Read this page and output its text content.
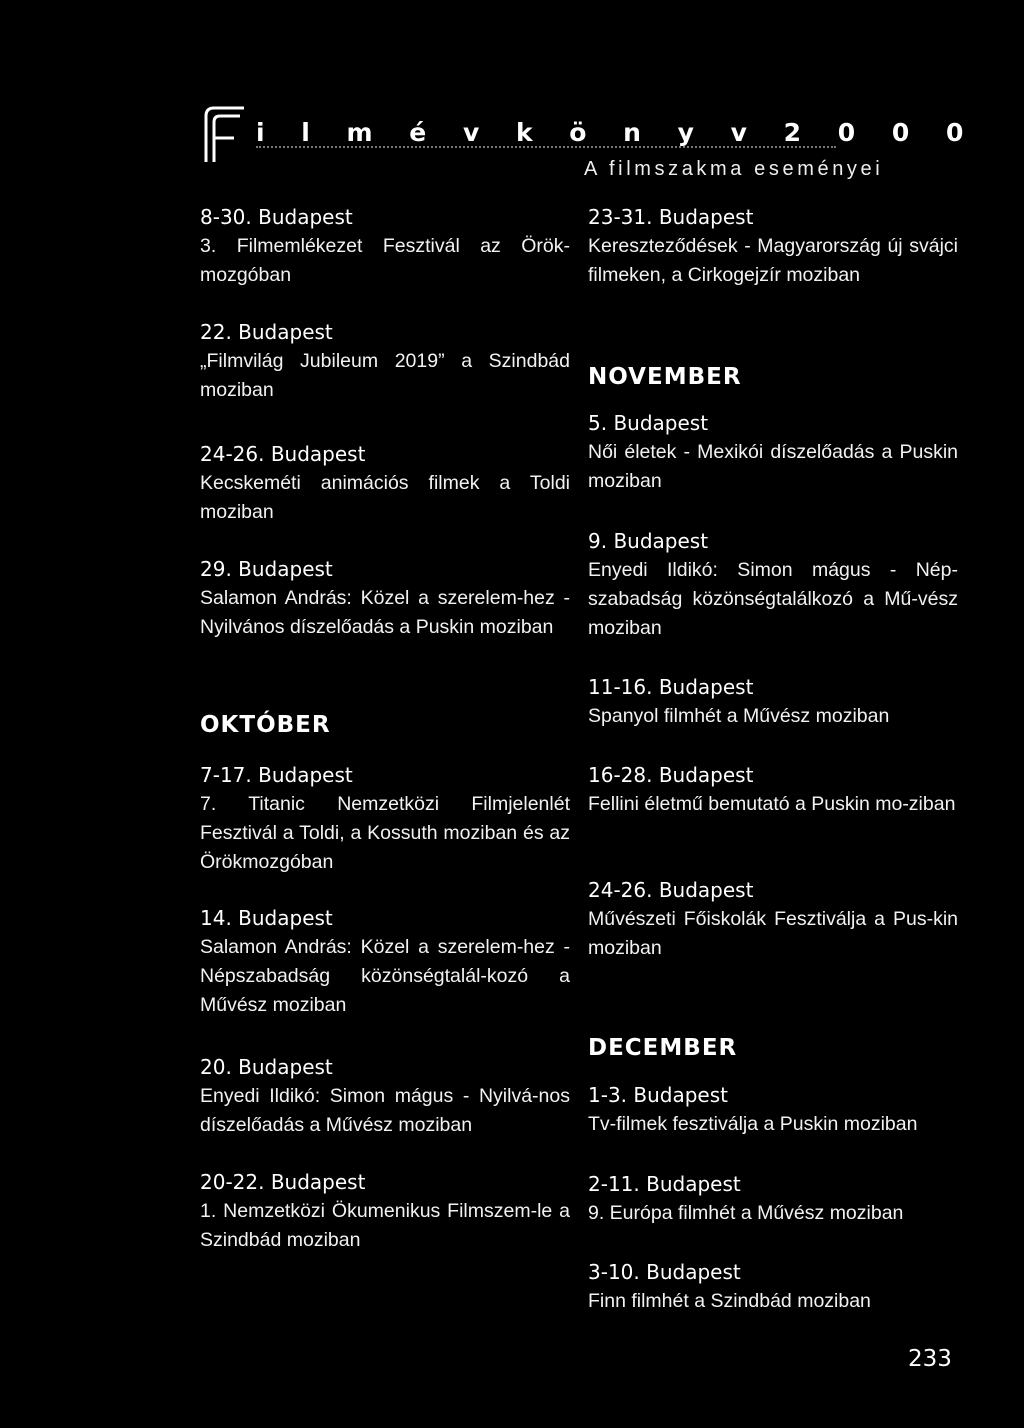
i l m é v k ö n y v 2 0 0 0
A filmszakma eseményei
8-30. Budapest
3. Filmemlékezet Fesztivál az Örök-mozgóban
22. Budapest
„Filmvilág Jubileum 2019” a Szindbád moziban
24-26. Budapest
Kecskeméti animációs filmek a Toldi moziban
29. Budapest
Salamon András: Közel a szerelem-hez - Nyilvános díszelőadás a Puskin moziban
OKTÓBER
7-17. Budapest
7. Titanic Nemzetközi Filmjelenlét Fesztivál a Toldi, a Kossuth moziban és az Örökmozgóban
14. Budapest
Salamon András: Közel a szerelem-hez - Népszabadság közönségtalál-kozó a Művész moziban
20. Budapest
Enyedi Ildikó: Simon mágus - Nyilvá-nos díszelőadás a Művész moziban
20-22. Budapest
1. Nemzetközi Ökumenikus Filmszem-le a Szindbád moziban
23-31. Budapest
Kereszteződések - Magyarország új svájci filmeken, a Cirkogejzír moziban
NOVEMBER
5. Budapest
Női életek - Mexikói díszelőadás a Puskin moziban
9. Budapest
Enyedi Ildikó: Simon mágus - Nép-szabadság közönségtalálkozó a Mű-vész moziban
11-16. Budapest
Spanyol filmhét a Művész moziban
16-28. Budapest
Fellini életmű bemutató a Puskin mo-ziban
24-26. Budapest
Művészeti Főiskolák Fesztiválja a Pus-kin moziban
DECEMBER
1-3. Budapest
Tv-filmek fesztiválja a Puskin moziban
2-11. Budapest
9. Európa filmhét a Művész moziban
3-10. Budapest
Finn filmhét a Szindbád moziban
233
